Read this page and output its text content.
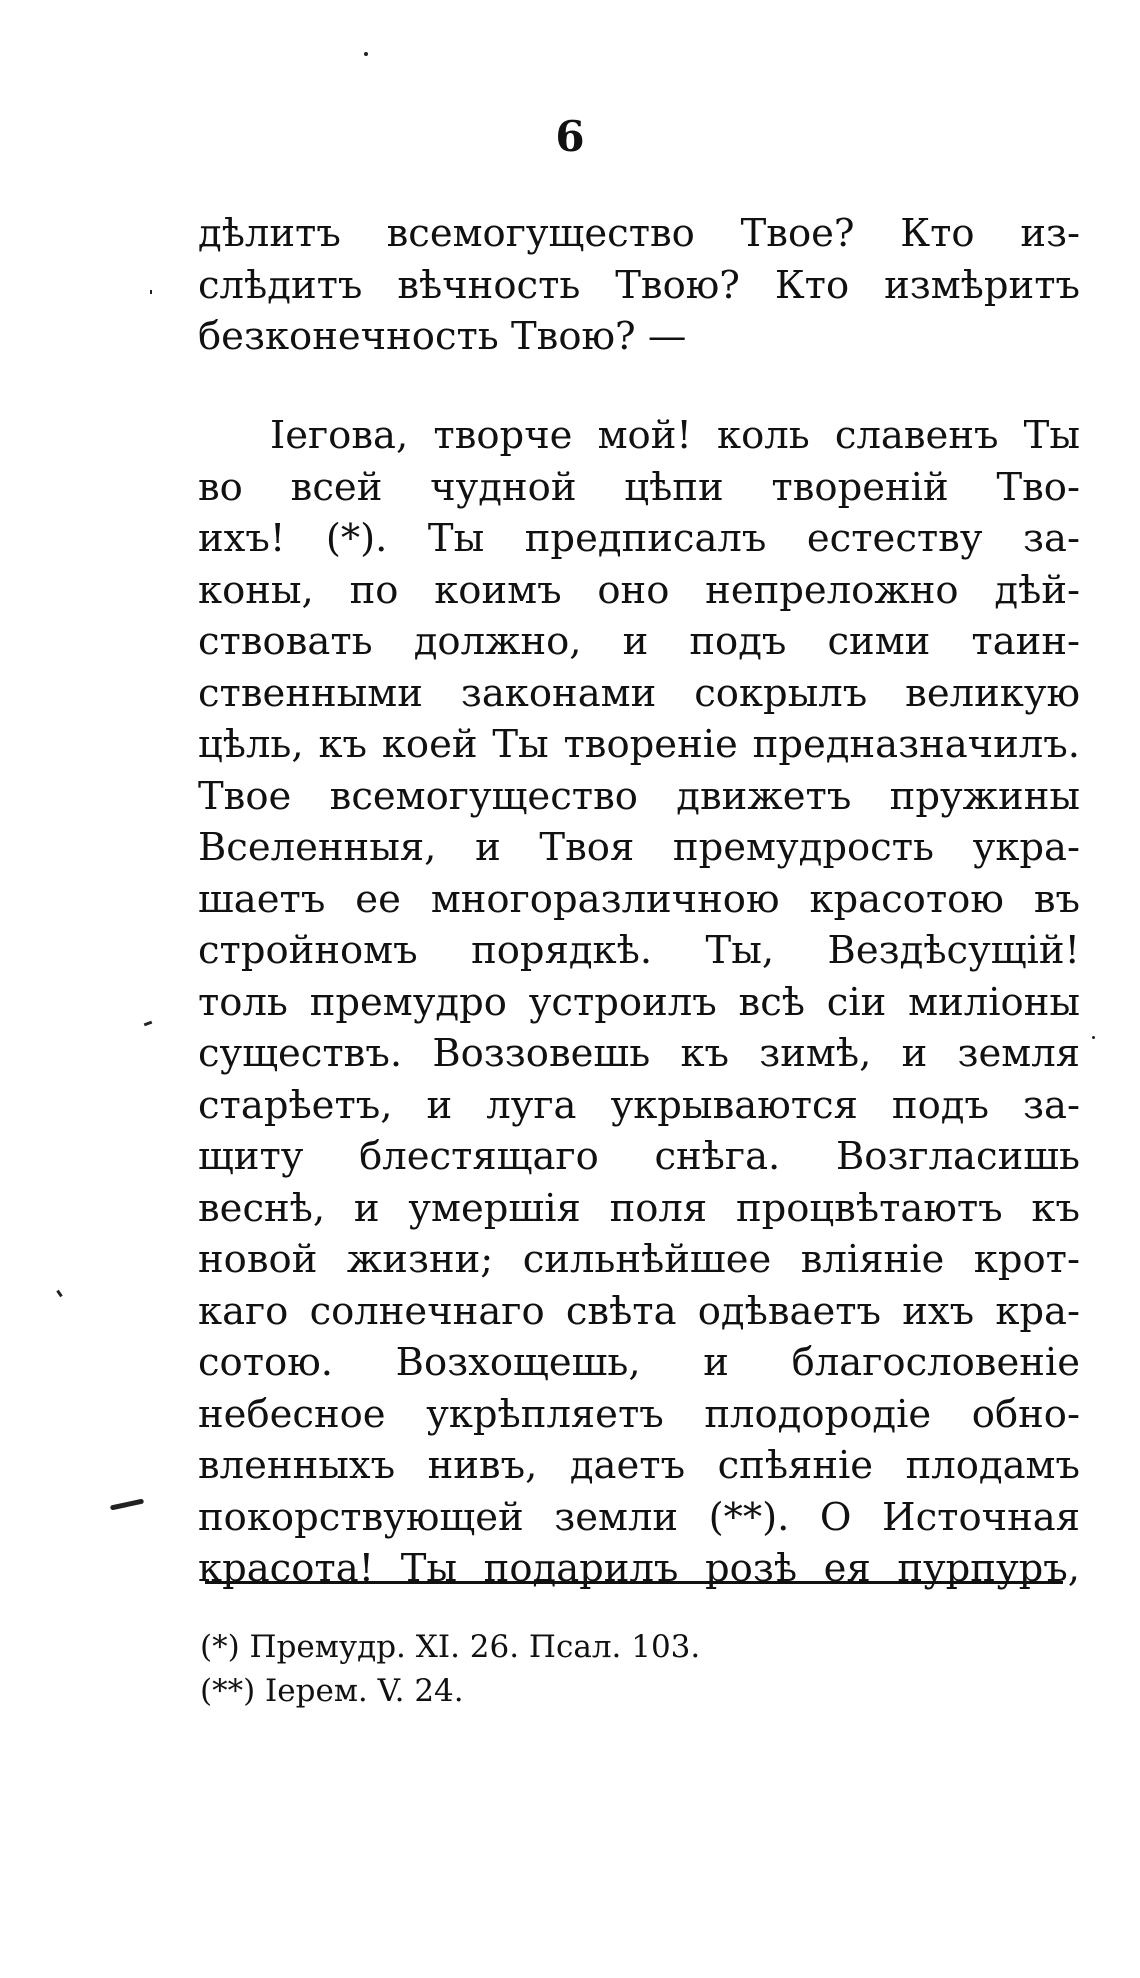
6
дѣлитъ всемогущество Твое? Кто из-
слѣдитъ вѣчность Твою? Кто измѣритъ
безконечность Твою? —
Іегова, творче мой! коль славенъ Ты
во всей чудной цѣпи твореній Тво-
ихъ! (*). Ты предписалъ естеству за-
коны, по коимъ оно непреложно дѣй-
ствовать должно, и подъ сими таин-
ственными законами сокрылъ великую
цѣль, къ коей Ты твореніе предназначилъ.
Твое всемогущество движетъ пружины
Вселенныя, и Твоя премудрость укра-
шаетъ ее многоразличною красотою въ
стройномъ порядкѣ. Ты, Вездѣсущій!
толь премудро устроилъ всѣ сіи милiоны
существъ. Воззовешь къ зимѣ, и земля
старѣетъ, и луга укрываются подъ за-
щиту блестящаго снѣга. Возгласишь
веснѣ, и умершія поля процвѣтаютъ къ
новой жизни; сильнѣйшее вліяніе крот-
каго солнечнаго свѣта одѣваетъ ихъ кра-
сотою. Возхощешь, и благословеніе
небесное укрѣпляетъ плодородіе обно-
вленныхъ нивъ, даетъ спѣяніе плодамъ
покорствующей земли (**). О Источная
красота! Ты подарилъ розѣ ея пурпуръ,
(*) Премудр. XI. 26. Псал. 103.
(**) Іерем. V. 24.
